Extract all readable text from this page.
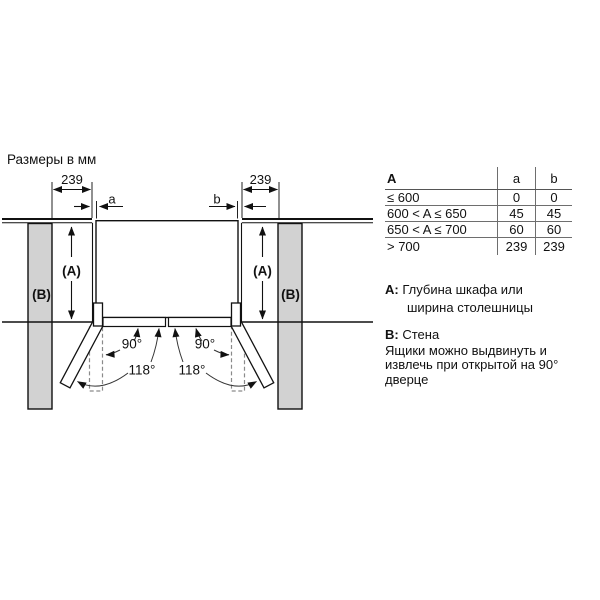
Размеры в мм
239	239
a	b
(A)	(A)
(B)	(B)
90°	90°
118° 118°
A	a	b
≤ 600	0	0
600 < A ≤ 650	45	45
650 < A ≤ 700	60	60
> 700	239	239
A: Глубина шкафа или
ширина столешницы
B: Стена
Ящики можно выдвинуть и
извлечь при открытой на 90°
дверце
